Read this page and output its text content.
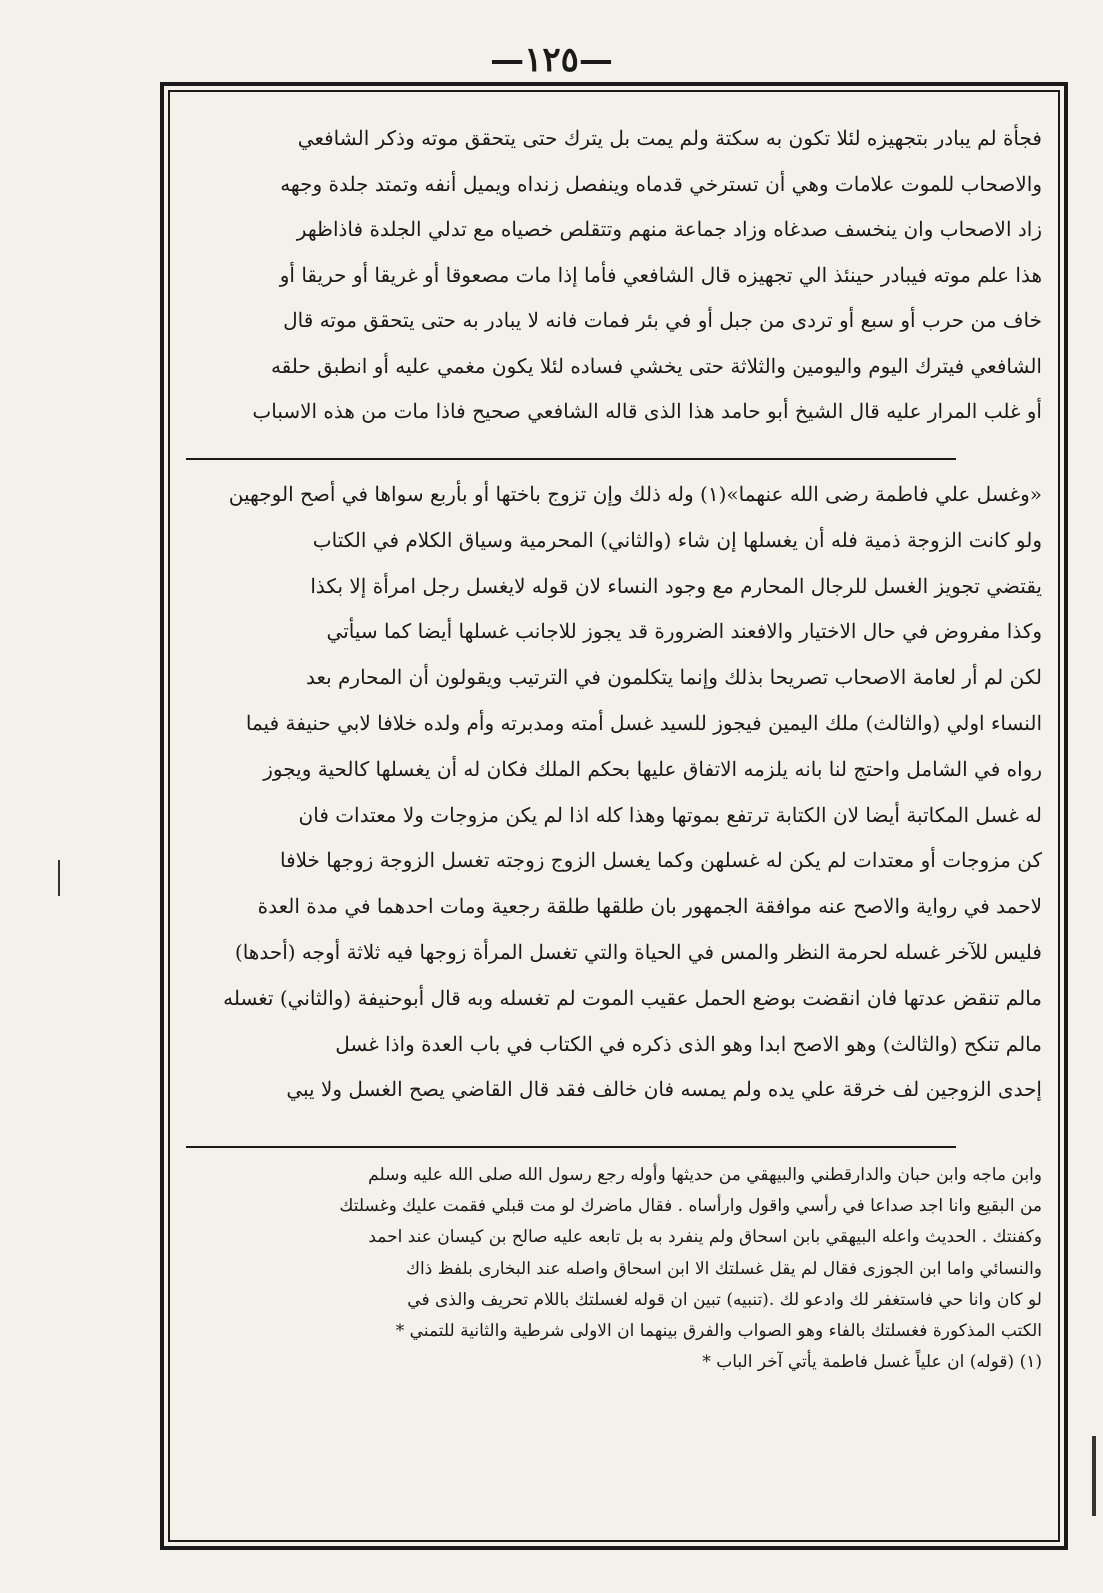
—١٢٥—

فجأة لم يبادر بتجهيزه لئلا تكون به سكتة ولم يمت بل يترك حتى يتحقق موته وذكر الشافعي

والاصحاب للموت علامات وهي أن تسترخي قدماه وينفصل زنداه ويميل أنفه وتمتد جلدة وجهه

زاد الاصحاب وان ينخسف صدغاه وزاد جماعة منهم وتتقلص خصياه مع تدلي الجلدة فاذاظهر

هذا علم موته فيبادر حينئذ الي تجهيزه قال الشافعي فأما إذا مات مصعوقا أو غريقا أو حريقا أو

خاف من حرب أو سبع أو تردى من جبل أو في بئر فمات فانه لا يبادر به حتى يتحقق موته قال

الشافعي فيترك اليوم واليومين والثلاثة حتى يخشي فساده لئلا يكون مغمي عليه أو انطبق حلقه

أو غلب المرار عليه قال الشيخ أبو حامد هذا الذى قاله الشافعي صحيح فاذا مات من هذه الاسباب

«وغسل علي فاطمة رضى الله عنهما»(١) وله ذلك وإن تزوج باختها أو بأربع سواها في أصح الوجهين

ولو كانت الزوجة ذمية فله أن يغسلها إن شاء (والثاني) المحرمية وسياق الكلام في الكتاب

يقتضي تجويز الغسل للرجال المحارم مع وجود النساء لان قوله لايغسل رجل امرأة إلا بكذا

وكذا مفروض في حال الاختيار والافعند الضرورة قد يجوز للاجانب غسلها أيضا كما سيأتي

لكن لم أر لعامة الاصحاب تصريحا بذلك وإنما يتكلمون في الترتيب ويقولون أن المحارم بعد

النساء اولي (والثالث) ملك اليمين فيجوز للسيد غسل أمته ومدبرته وأم ولده خلافا لابي حنيفة فيما

رواه في الشامل واحتج لنا بانه يلزمه الاتفاق عليها بحكم الملك فكان له أن يغسلها كالحية ويجوز

له غسل المكاتبة أيضا لان الكتابة ترتفع بموتها وهذا كله اذا لم يكن مزوجات ولا معتدات فان

كن مزوجات أو معتدات لم يكن له غسلهن وكما يغسل الزوج زوجته تغسل الزوجة زوجها خلافا

لاحمد في رواية والاصح عنه موافقة الجمهور بان طلقها طلقة رجعية ومات احدهما في مدة العدة

فليس للآخر غسله لحرمة النظر والمس في الحياة والتي تغسل المرأة زوجها فيه ثلاثة أوجه (أحدها)

مالم تنقض عدتها فان انقضت بوضع الحمل عقيب الموت لم تغسله وبه قال أبوحنيفة (والثاني) تغسله

مالم تنكح (والثالث) وهو الاصح ابدا وهو الذى ذكره في الكتاب في باب العدة واذا غسل

إحدى الزوجين لف خرقة علي يده ولم يمسه فان خالف فقد قال القاضي يصح الغسل ولا يبي

وابن ماجه وابن حبان والدارقطني والبيهقي من حديثها وأوله رجع رسول الله صلى الله عليه وسلم

من البقيع وانا اجد صداعا في رأسي واقول وارأساه . فقال ماضرك لو مت قبلي فقمت عليك وغسلتك

وكفنتك . الحديث واعله البيهقي بابن اسحاق ولم ينفرد به بل تابعه عليه صالح بن كيسان عند احمد

والنسائي واما ابن الجوزى فقال لم يقل غسلتك الا ابن اسحاق واصله عند البخارى بلفظ ذاك

لو كان وانا حي فاستغفر لك وادعو لك .(تنبيه) تبين ان قوله لغسلتك باللام تحريف والذى في

الكتب المذكورة فغسلتك بالفاء وهو الصواب والفرق بينهما ان الاولى شرطية والثانية للتمني *

(١) (قوله) ان علياً غسل فاطمة يأتي آخر الباب *
